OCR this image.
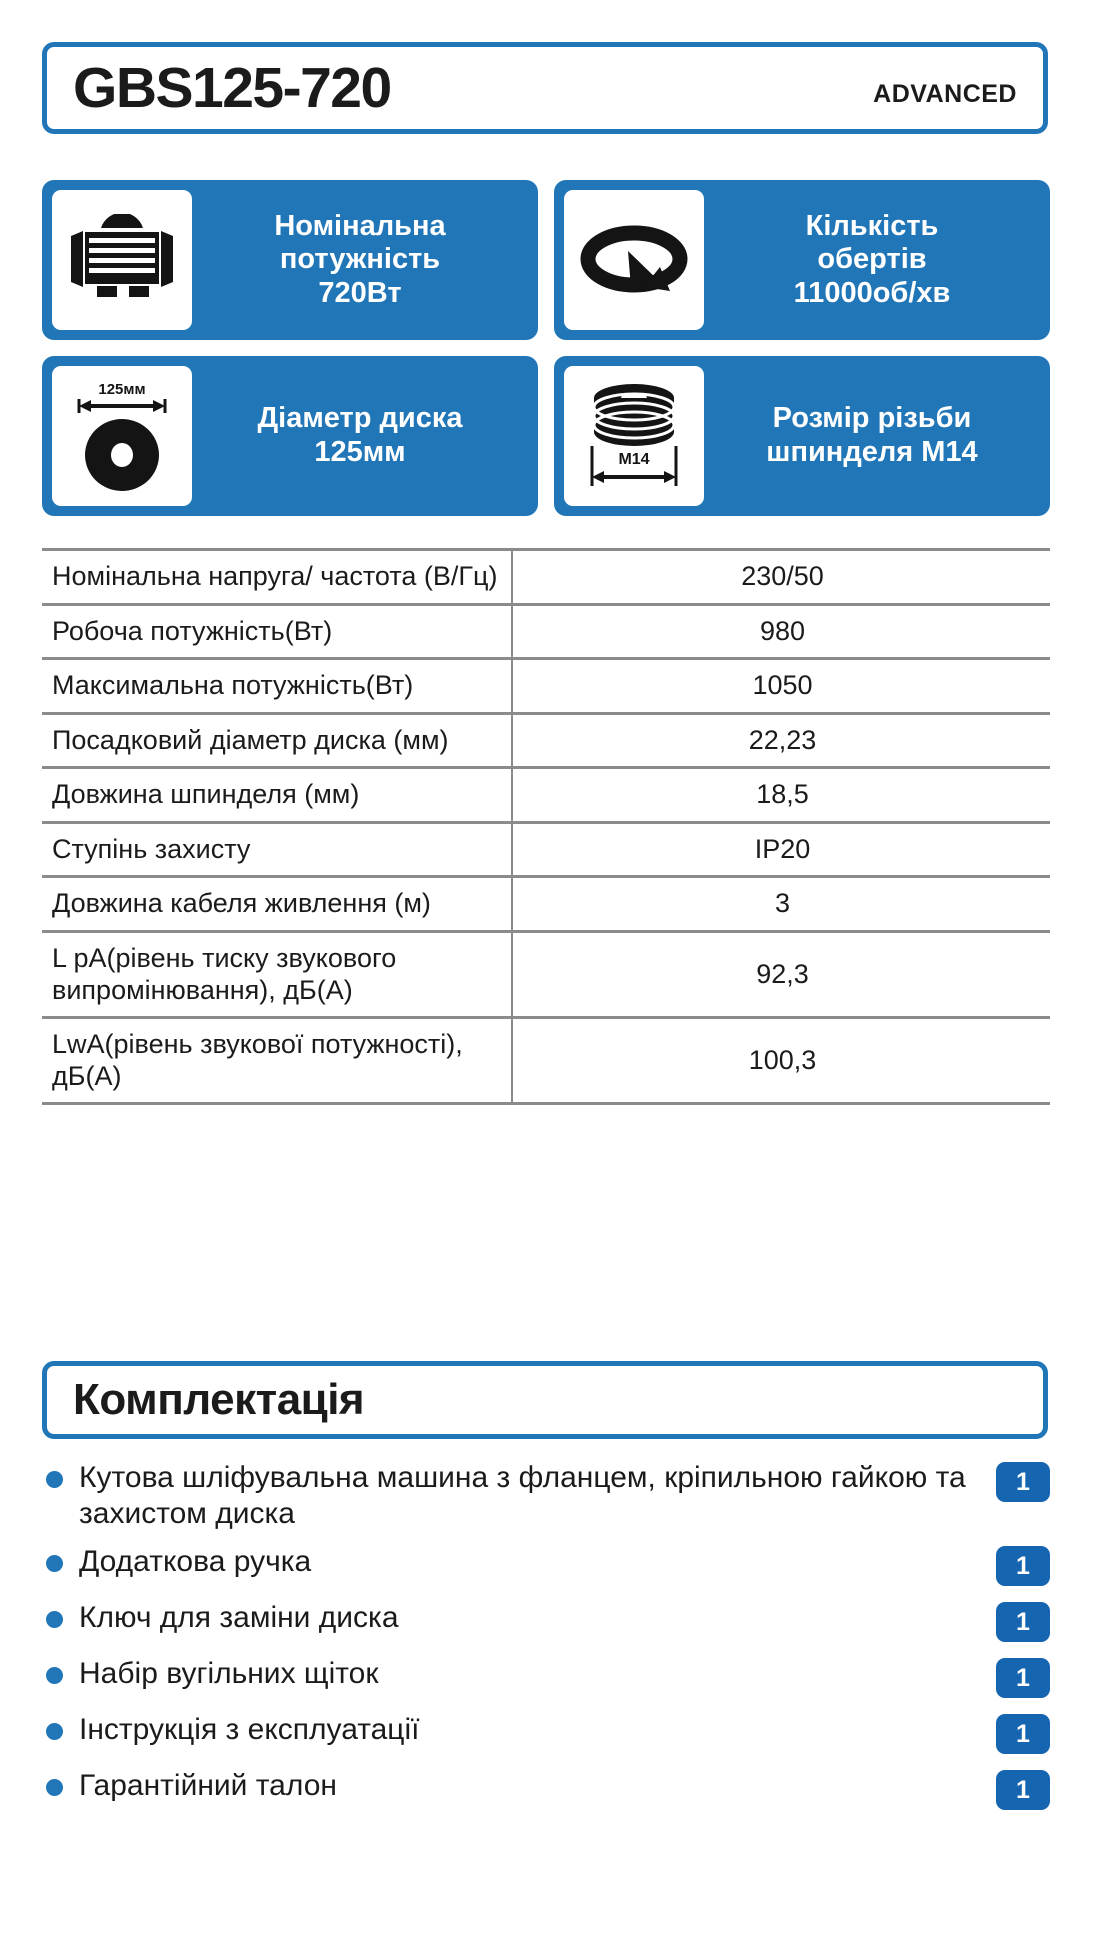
GBS125-720	ADVANCED
Номінальна
потужність
720Вт
Кількість
обертів
11000об/хв
125мм
Діаметр диска
125мм	M14
Розмір різьби
шпинделя М14
Номінальна напруга/ частота (В/Гц)	230/50
Робоча потужність(Вт)	980
Максимальна потужність(Вт)	1050
Посадковий діаметр диска (мм)	22,23
Довжина шпинделя (мм)	18,5
Ступінь захисту	IP20
Довжина кабеля живлення (м)	3
L pA(рівень тиску звукового випромінювання), дБ(А)	92,3
LwA(рівень звукової потужності), дБ(А)	100,3
Комплектація
Кутова шліфувальна машина з фланцем, кріпильною гайкою та захистом диска
1
Додаткова ручка	1
Ключ для заміни диска	1
Набір вугільних щіток	1
Інструкція з експлуатації	1
Гарантійний талон	1
